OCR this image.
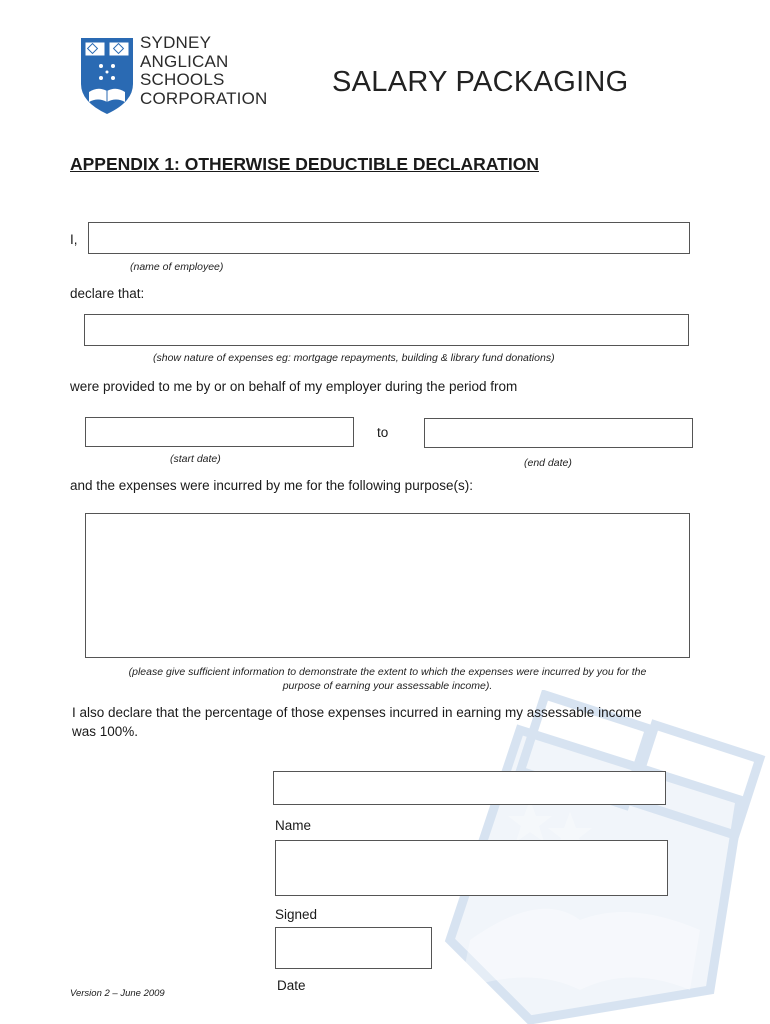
SYDNEY
ANGLICAN
SCHOOLS
CORPORATION	SALARY PACKAGING
APPENDIX 1: OTHERWISE DEDUCTIBLE DECLARATION
I,
(name of employee)
declare that:
(show nature of expenses eg: mortgage repayments, building & library fund donations)
were provided to me by or on behalf of my employer during the period from
to
(start date)	(end date)
and the expenses were incurred by me for the following purpose(s):
(please give sufficient information to demonstrate the extent to which the expenses were incurred by you for the
purpose of earning your assessable income).
I also declare that the percentage of those expenses incurred in earning my assessable income
was 100%.
Name
Signed
Date
Version 2 – June 2009
